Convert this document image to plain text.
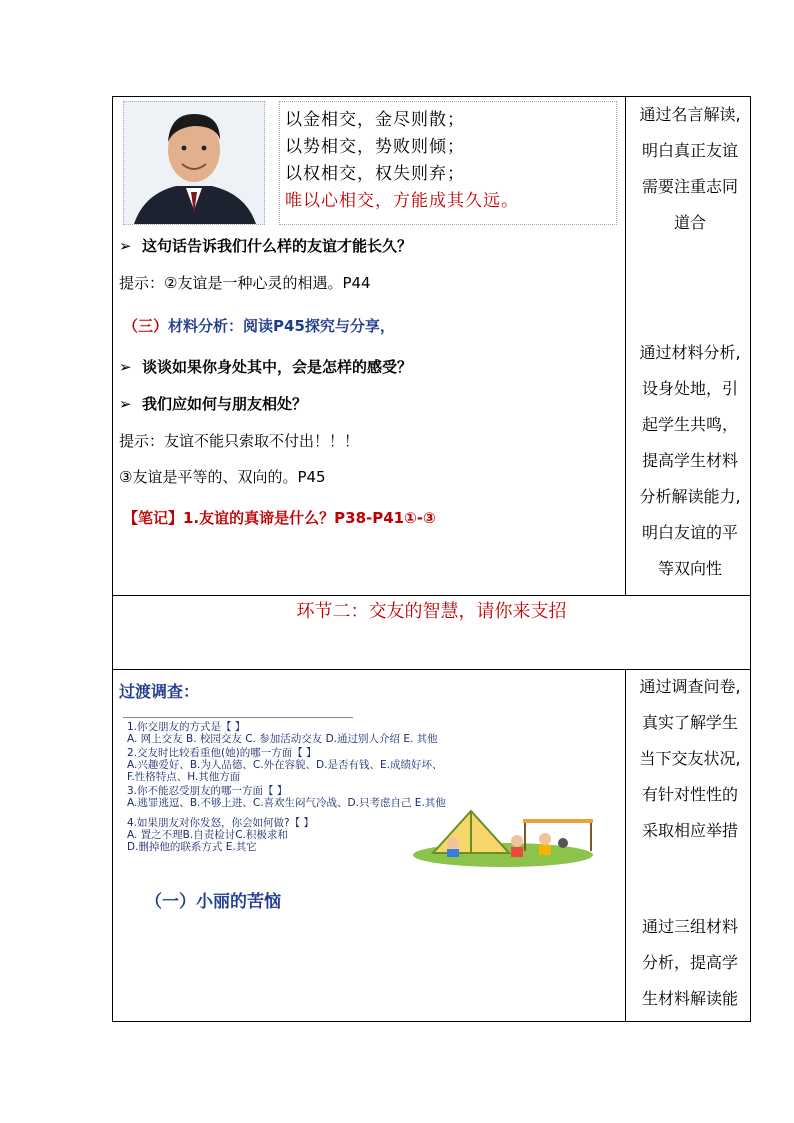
以金相交，金尽则散；
以势相交，势败则倾；
以权相交，权失则弃；
唯以心相交，方能成其久远。
➢ 这句话告诉我们什么样的友谊才能长久？
提示：②友谊是一种心灵的相遇。P44
（三）材料分析：阅读P45探究与分享，
➢ 谈谈如果你身处其中，会是怎样的感受？
➢ 我们应如何与朋友相处？
提示：友谊不能只索取不付出！！！
③友谊是平等的、双向的。P45
【笔记】1.友谊的真谛是什么？P38-P41①-③
通过名言解读,
明白真正友谊
需要注重志同
道合
通过材料分析,
设身处地，引
起学生共鸣，
提高学生材料
分析解读能力,
明白友谊的平
等双向性
环节二：交友的智慧，请你来支招
过渡调查：
1.你交朋友的方式是【 】
A. 网上交友 B. 校园交友 C. 参加活动交友 D.通过别人介绍 E. 其他
2.交友时比较看重他(她)的哪一方面【 】
A.兴趣爱好、B.为人品德、C.外在容貌、D.是否有钱、E.成绩好坏、
F.性格特点、H.其他方面
3.你不能忍受朋友的哪一方面【 】
A.逃罪逃逗、B.不够上进、C.喜欢生闷气冷战、D.只考虑自己 E.其他
4.如果朋友对你发怒，你会如何做?【 】
A. 置之不理B.自责检讨C.积极求和
D.删掉他的联系方式 E.其它
（一）小丽的苦恼
通过调查问卷,
真实了解学生
当下交友状况,
有针对性性的
采取相应举措
通过三组材料
分析，提高学
生材料解读能
